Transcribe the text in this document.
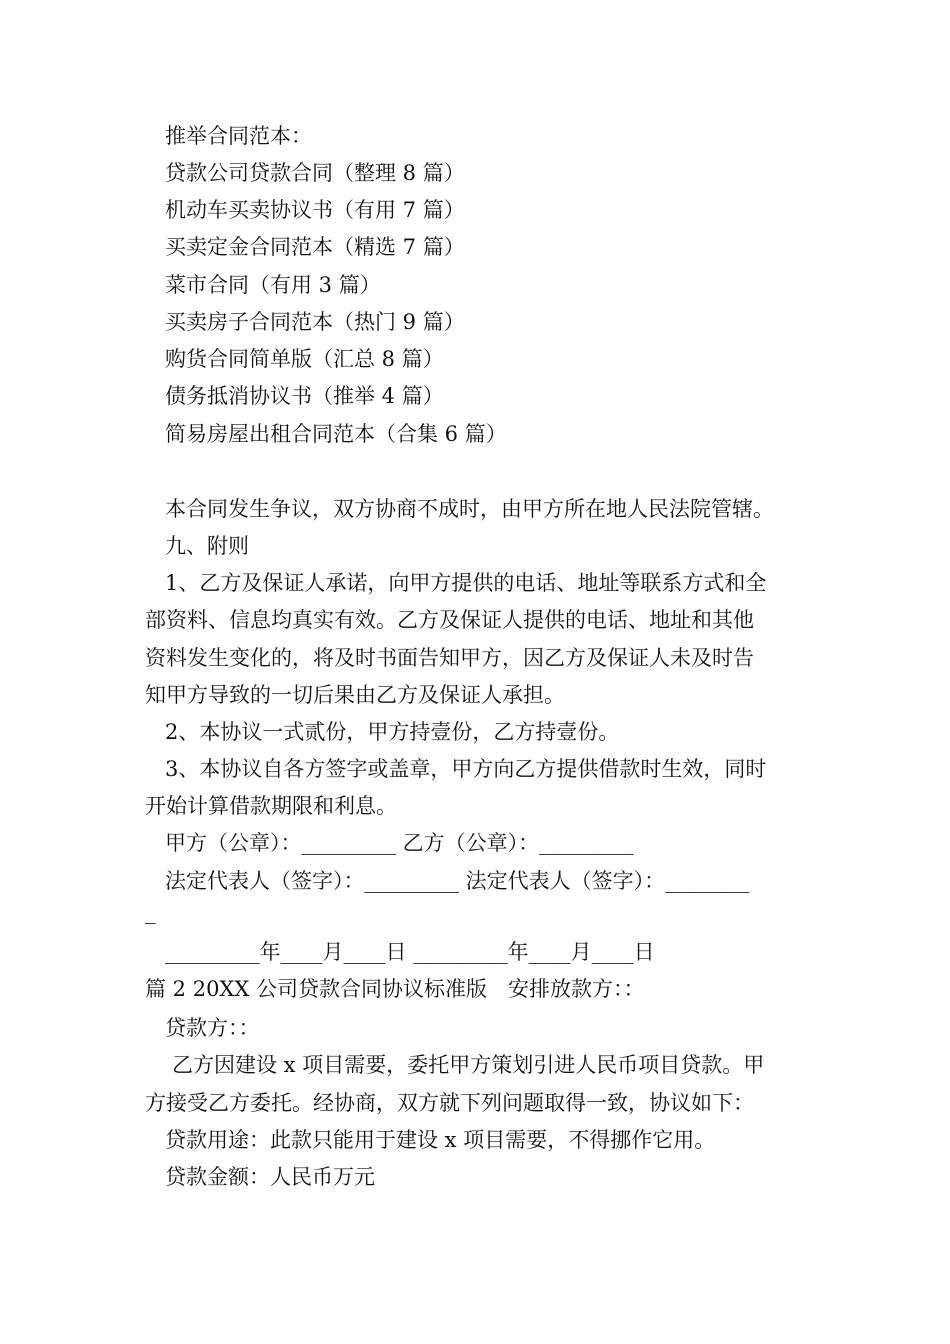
推举合同范本：
贷款公司贷款合同（整理 8 篇）
机动车买卖协议书（有用 7 篇）
买卖定金合同范本（精选 7 篇）
菜市合同（有用 3 篇）
买卖房子合同范本（热门 9 篇）
购货合同简单版（汇总 8 篇）
债务抵消协议书（推举 4 篇）
简易房屋出租合同范本（合集 6 篇）
本合同发生争议，双方协商不成时，由甲方所在地人民法院管辖。
九、附则
1、乙方及保证人承诺，向甲方提供的电话、地址等联系方式和全
部资料、信息均真实有效。乙方及保证人提供的电话、地址和其他
资料发生变化的，将及时书面告知甲方，因乙方及保证人未及时告
知甲方导致的一切后果由乙方及保证人承担。
2、本协议一式贰份，甲方持壹份，乙方持壹份。
3、本协议自各方签字或盖章，甲方向乙方提供借款时生效，同时
开始计算借款期限和利息。
甲方（公章）：_________ 乙方（公章）：_________
法定代表人（签字）：_________ 法定代表人（签字）：________
_
_________年____月____日 _________年____月____日
篇 2 20XX 公司贷款合同协议标准版　安排放款方：：
贷款方：：
乙方因建设 x 项目需要，委托甲方策划引进人民币项目贷款。甲
方接受乙方委托。经协商，双方就下列问题取得一致，协议如下：
贷款用途：此款只能用于建设 x 项目需要，不得挪作它用。
贷款金额：人民币万元
